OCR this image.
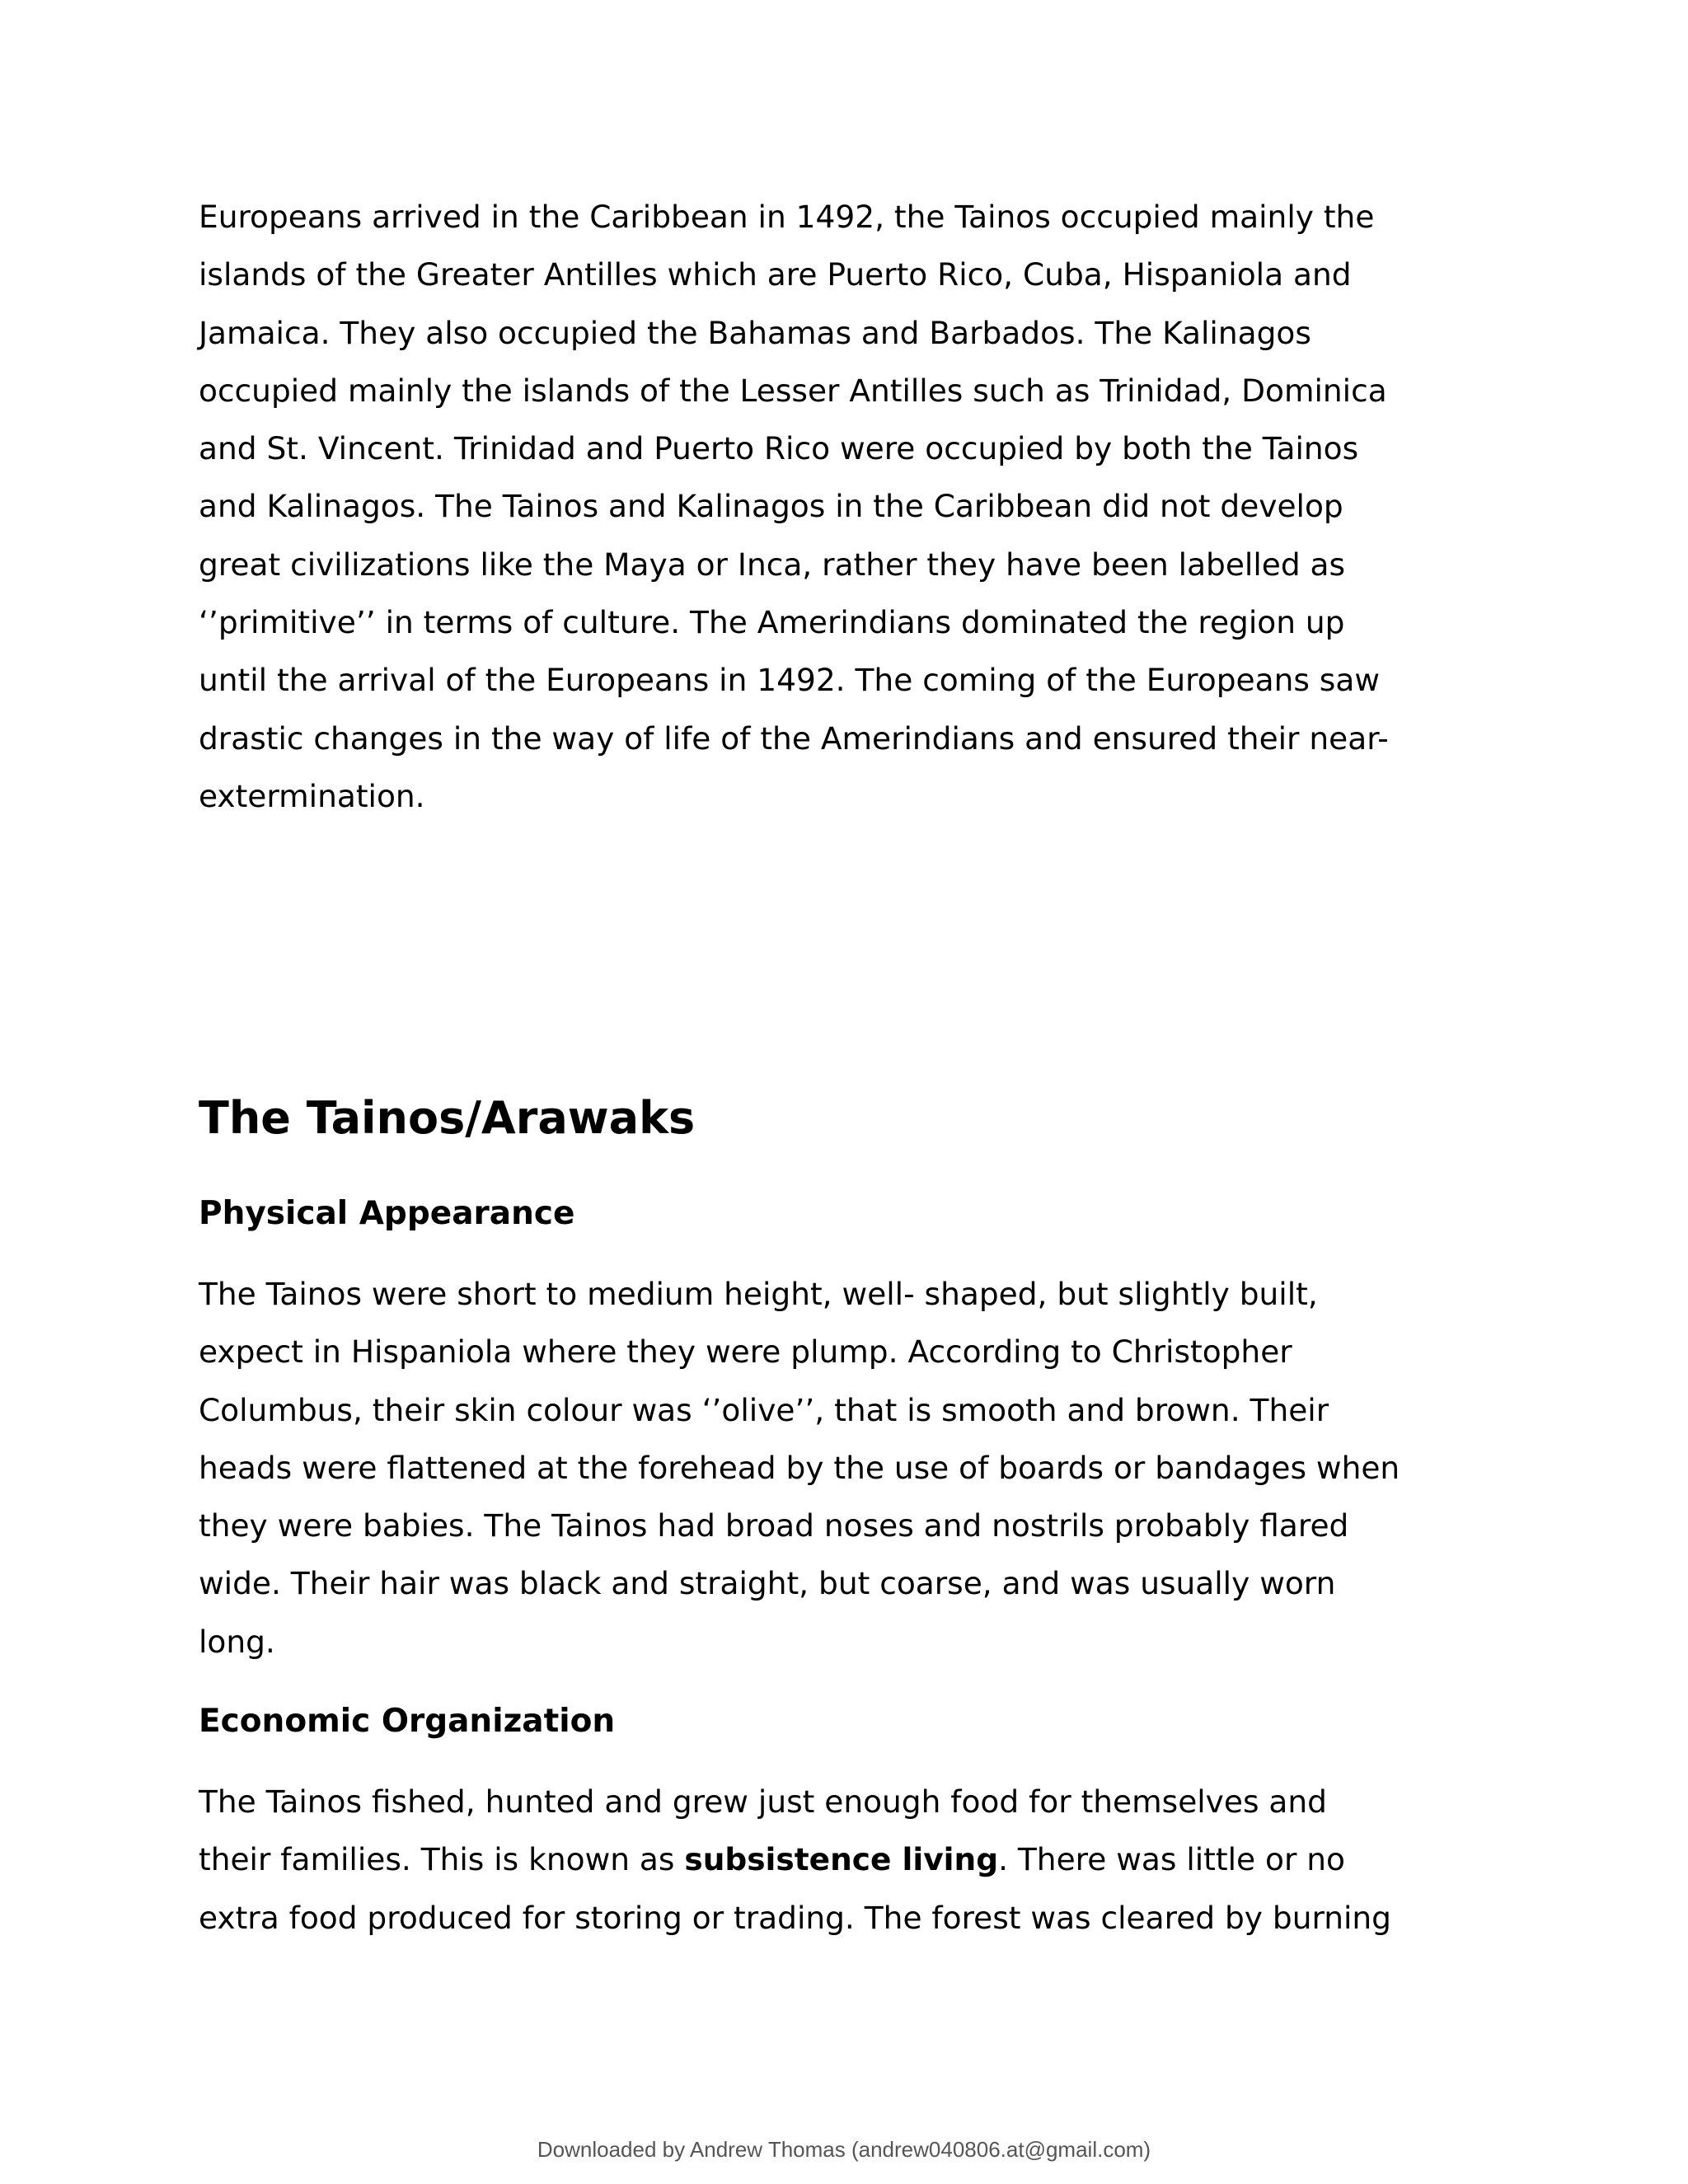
Europeans arrived in the Caribbean in 1492, the Tainos occupied mainly the
islands of the Greater Antilles which are Puerto Rico, Cuba, Hispaniola and
Jamaica. They also occupied the Bahamas and Barbados. The Kalinagos
occupied mainly the islands of the Lesser Antilles such as Trinidad, Dominica
and St. Vincent. Trinidad and Puerto Rico were occupied by both the Tainos
and Kalinagos. The Tainos and Kalinagos in the Caribbean did not develop
great civilizations like the Maya or Inca, rather they have been labelled as
‘’primitive’’ in terms of culture. The Amerindians dominated the region up
until the arrival of the Europeans in 1492. The coming of the Europeans saw
drastic changes in the way of life of the Amerindians and ensured their near-
extermination.
The Tainos/Arawaks
Physical Appearance
The Tainos were short to medium height, well- shaped, but slightly built,
expect in Hispaniola where they were plump. According to Christopher
Columbus, their skin colour was ‘’olive’’, that is smooth and brown. Their
heads were flattened at the forehead by the use of boards or bandages when
they were babies. The Tainos had broad noses and nostrils probably flared
wide. Their hair was black and straight, but coarse, and was usually worn
long.
Economic Organization
The Tainos fished, hunted and grew just enough food for themselves and
their families. This is known as subsistence living. There was little or no
extra food produced for storing or trading. The forest was cleared by burning
Downloaded by Andrew Thomas (andrew040806.at@gmail.com)
